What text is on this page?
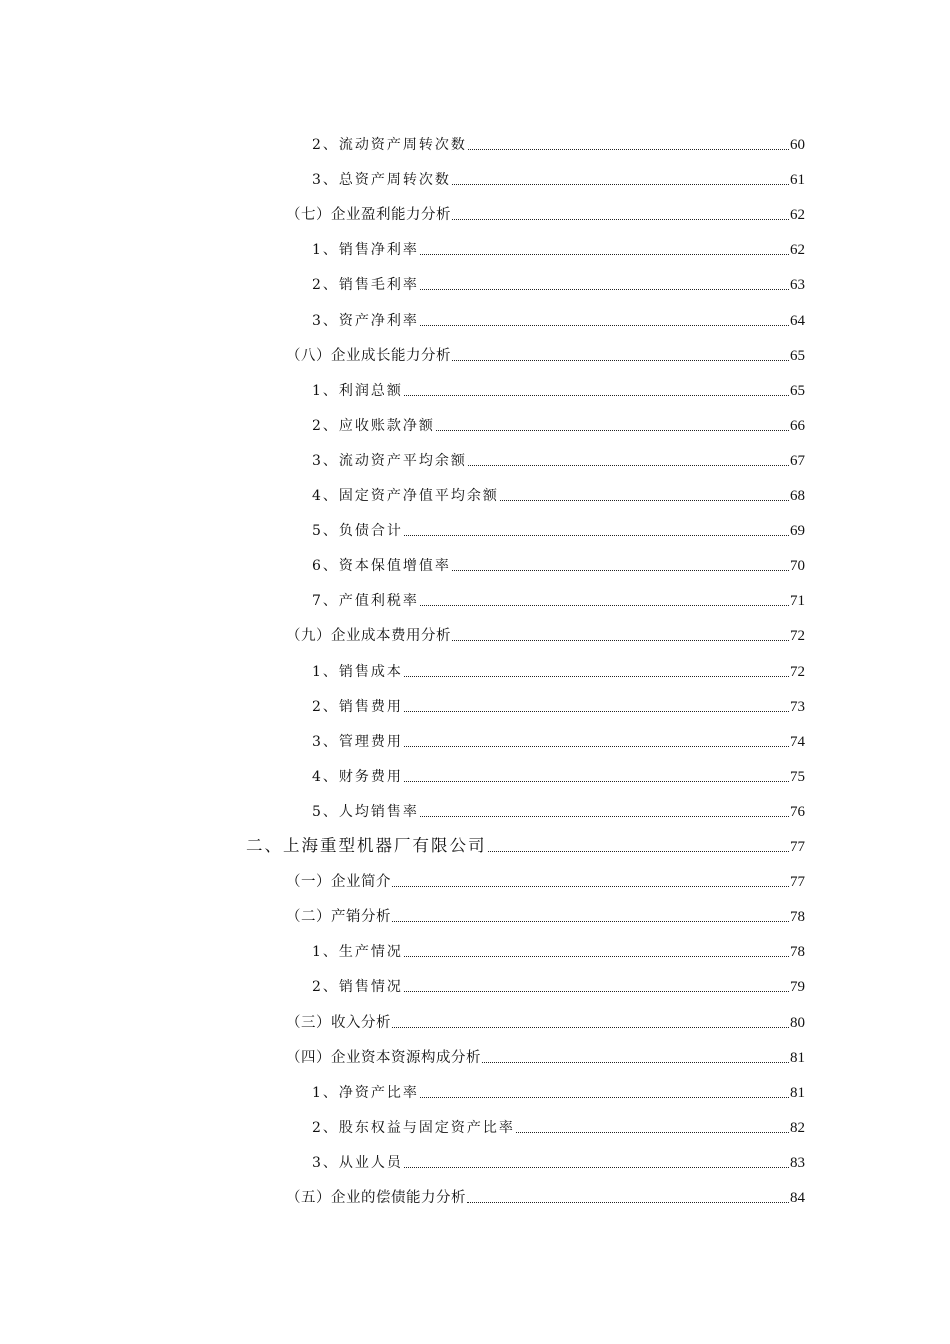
2、流动资产周转次数	60
3、总资产周转次数	61
（七）企业盈利能力分析	62
1、销售净利率	62
2、销售毛利率	63
3、资产净利率	64
（八）企业成长能力分析	65
1、利润总额	65
2、应收账款净额	66
3、流动资产平均余额	67
4、固定资产净值平均余额	68
5、负债合计	69
6、资本保值增值率	70
7、产值利税率	71
（九）企业成本费用分析	72
1、销售成本	72
2、销售费用	73
3、管理费用	74
4、财务费用	75
5、人均销售率	76
二、上海重型机器厂有限公司	77
（一）企业简介	77
（二）产销分析	78
1、生产情况	78
2、销售情况	79
（三）收入分析	80
（四）企业资本资源构成分析	81
1、净资产比率	81
2、股东权益与固定资产比率	82
3、从业人员	83
（五）企业的偿债能力分析	84
